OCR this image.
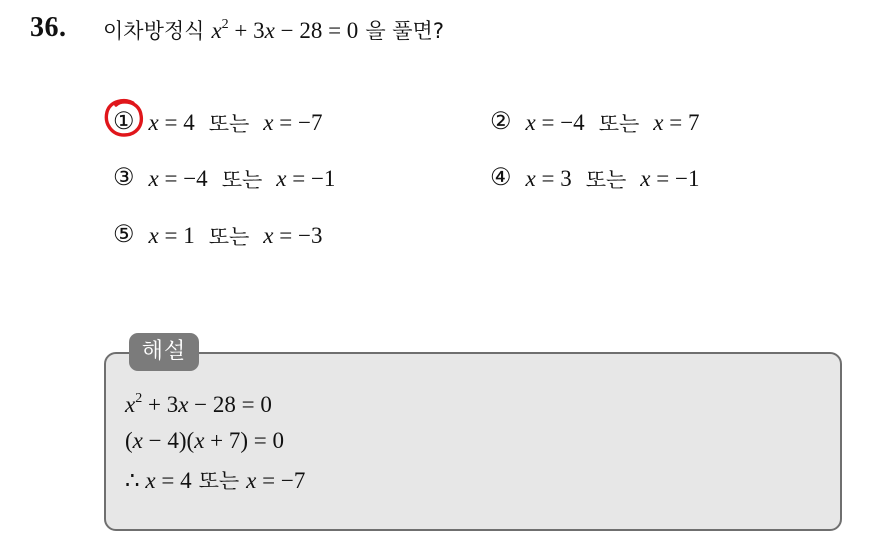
36. 이차방정식 $x^2 + 3x - 28 = 0$ 을 풀면?
① x = 4 또는 x = −7	② x = −4 또는 x = 7
③ x = −4 또는 x = −1	④ x = 3 또는 x = −1
⑤ x = 1 또는 x = −3
해설
$x^2 + 3x - 28 = 0$
(x − 4)(x + 7) = 0
∴ x = 4 또는 x = −7
